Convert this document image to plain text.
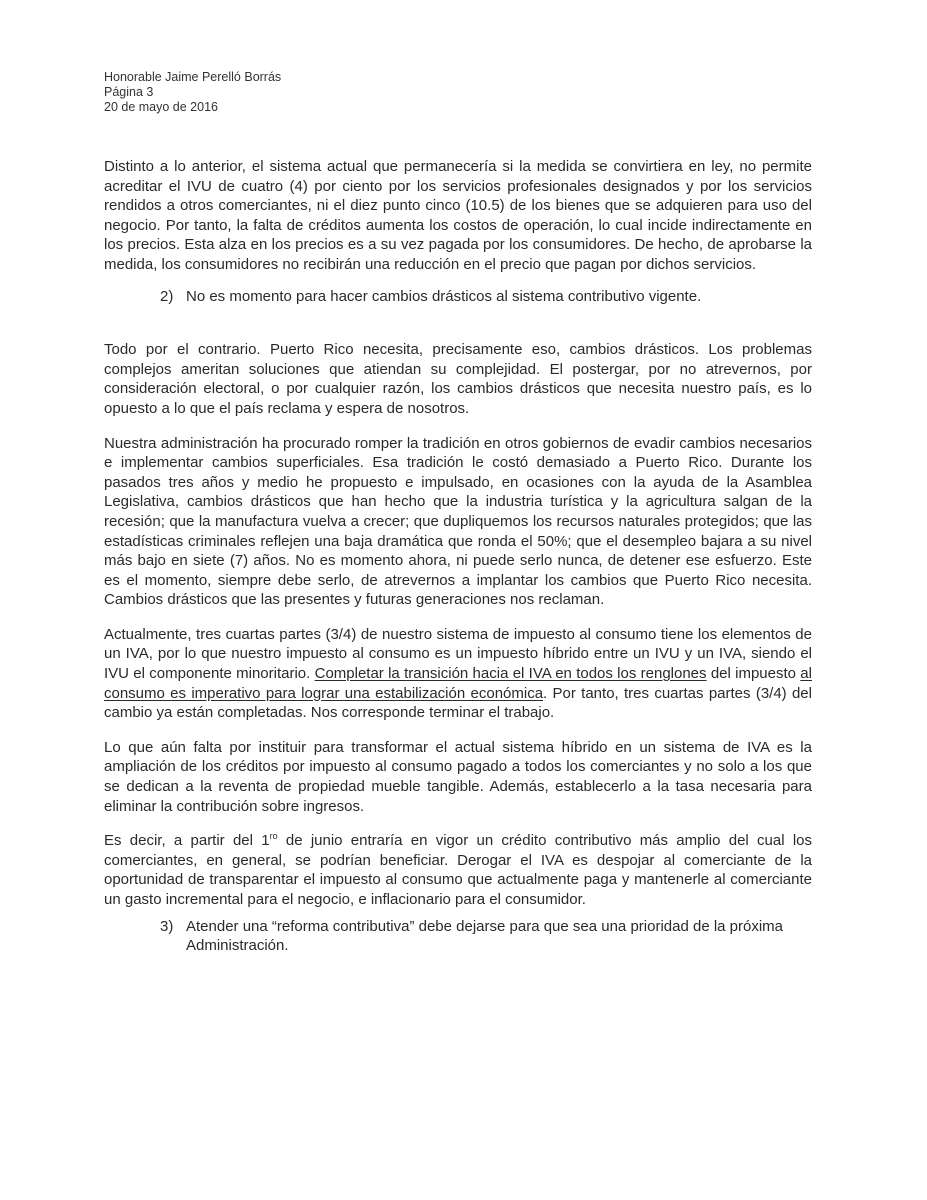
Honorable Jaime Perelló Borrás
Página 3
20 de mayo de 2016

Distinto a lo anterior, el sistema actual que permanecería si la medida se convirtiera en ley, no permite acreditar el IVU de cuatro (4) por ciento por los servicios profesionales designados y por los servicios rendidos a otros comerciantes, ni el diez punto cinco (10.5) de los bienes que se adquieren para uso del negocio. Por tanto, la falta de créditos aumenta los costos de operación, lo cual incide indirectamente en los precios. Esta alza en los precios es a su vez pagada por los consumidores. De hecho, de aprobarse la medida, los consumidores no recibirán una reducción en el precio que pagan por dichos servicios.

2) No es momento para hacer cambios drásticos al sistema contributivo vigente.

Todo por el contrario. Puerto Rico necesita, precisamente eso, cambios drásticos. Los problemas complejos ameritan soluciones que atiendan su complejidad. El postergar, por no atrevernos, por consideración electoral, o por cualquier razón, los cambios drásticos que necesita nuestro país, es lo opuesto a lo que el país reclama y espera de nosotros.

Nuestra administración ha procurado romper la tradición en otros gobiernos de evadir cambios necesarios e implementar cambios superficiales. Esa tradición le costó demasiado a Puerto Rico. Durante los pasados tres años y medio he propuesto e impulsado, en ocasiones con la ayuda de la Asamblea Legislativa, cambios drásticos que han hecho que la industria turística y la agricultura salgan de la recesión; que la manufactura vuelva a crecer; que dupliquemos los recursos naturales protegidos; que las estadísticas criminales reflejen una baja dramática que ronda el 50%; que el desempleo bajara a su nivel más bajo en siete (7) años. No es momento ahora, ni puede serlo nunca, de detener ese esfuerzo. Este es el momento, siempre debe serlo, de atrevernos a implantar los cambios que Puerto Rico necesita. Cambios drásticos que las presentes y futuras generaciones nos reclaman.

Actualmente, tres cuartas partes (3/4) de nuestro sistema de impuesto al consumo tiene los elementos de un IVA, por lo que nuestro impuesto al consumo es un impuesto híbrido entre un IVU y un IVA, siendo el IVU el componente minoritario. Completar la transición hacia el IVA en todos los renglones del impuesto al consumo es imperativo para lograr una estabilización económica. Por tanto, tres cuartas partes (3/4) del cambio ya están completadas. Nos corresponde terminar el trabajo.

Lo que aún falta por instituir para transformar el actual sistema híbrido en un sistema de IVA es la ampliación de los créditos por impuesto al consumo pagado a todos los comerciantes y no solo a los que se dedican a la reventa de propiedad mueble tangible. Además, establecerlo a la tasa necesaria para eliminar la contribución sobre ingresos.

Es decir, a partir del $1^{ro}$ de junio entraría en vigor un crédito contributivo más amplio del cual los comerciantes, en general, se podrían beneficiar. Derogar el IVA es despojar al comerciante de la oportunidad de transparentar el impuesto al consumo que actualmente paga y mantenerle al comerciante un gasto incremental para el negocio, e inflacionario para el consumidor.

3) Atender una “reforma contributiva” debe dejarse para que sea una prioridad de la próxima Administración.
